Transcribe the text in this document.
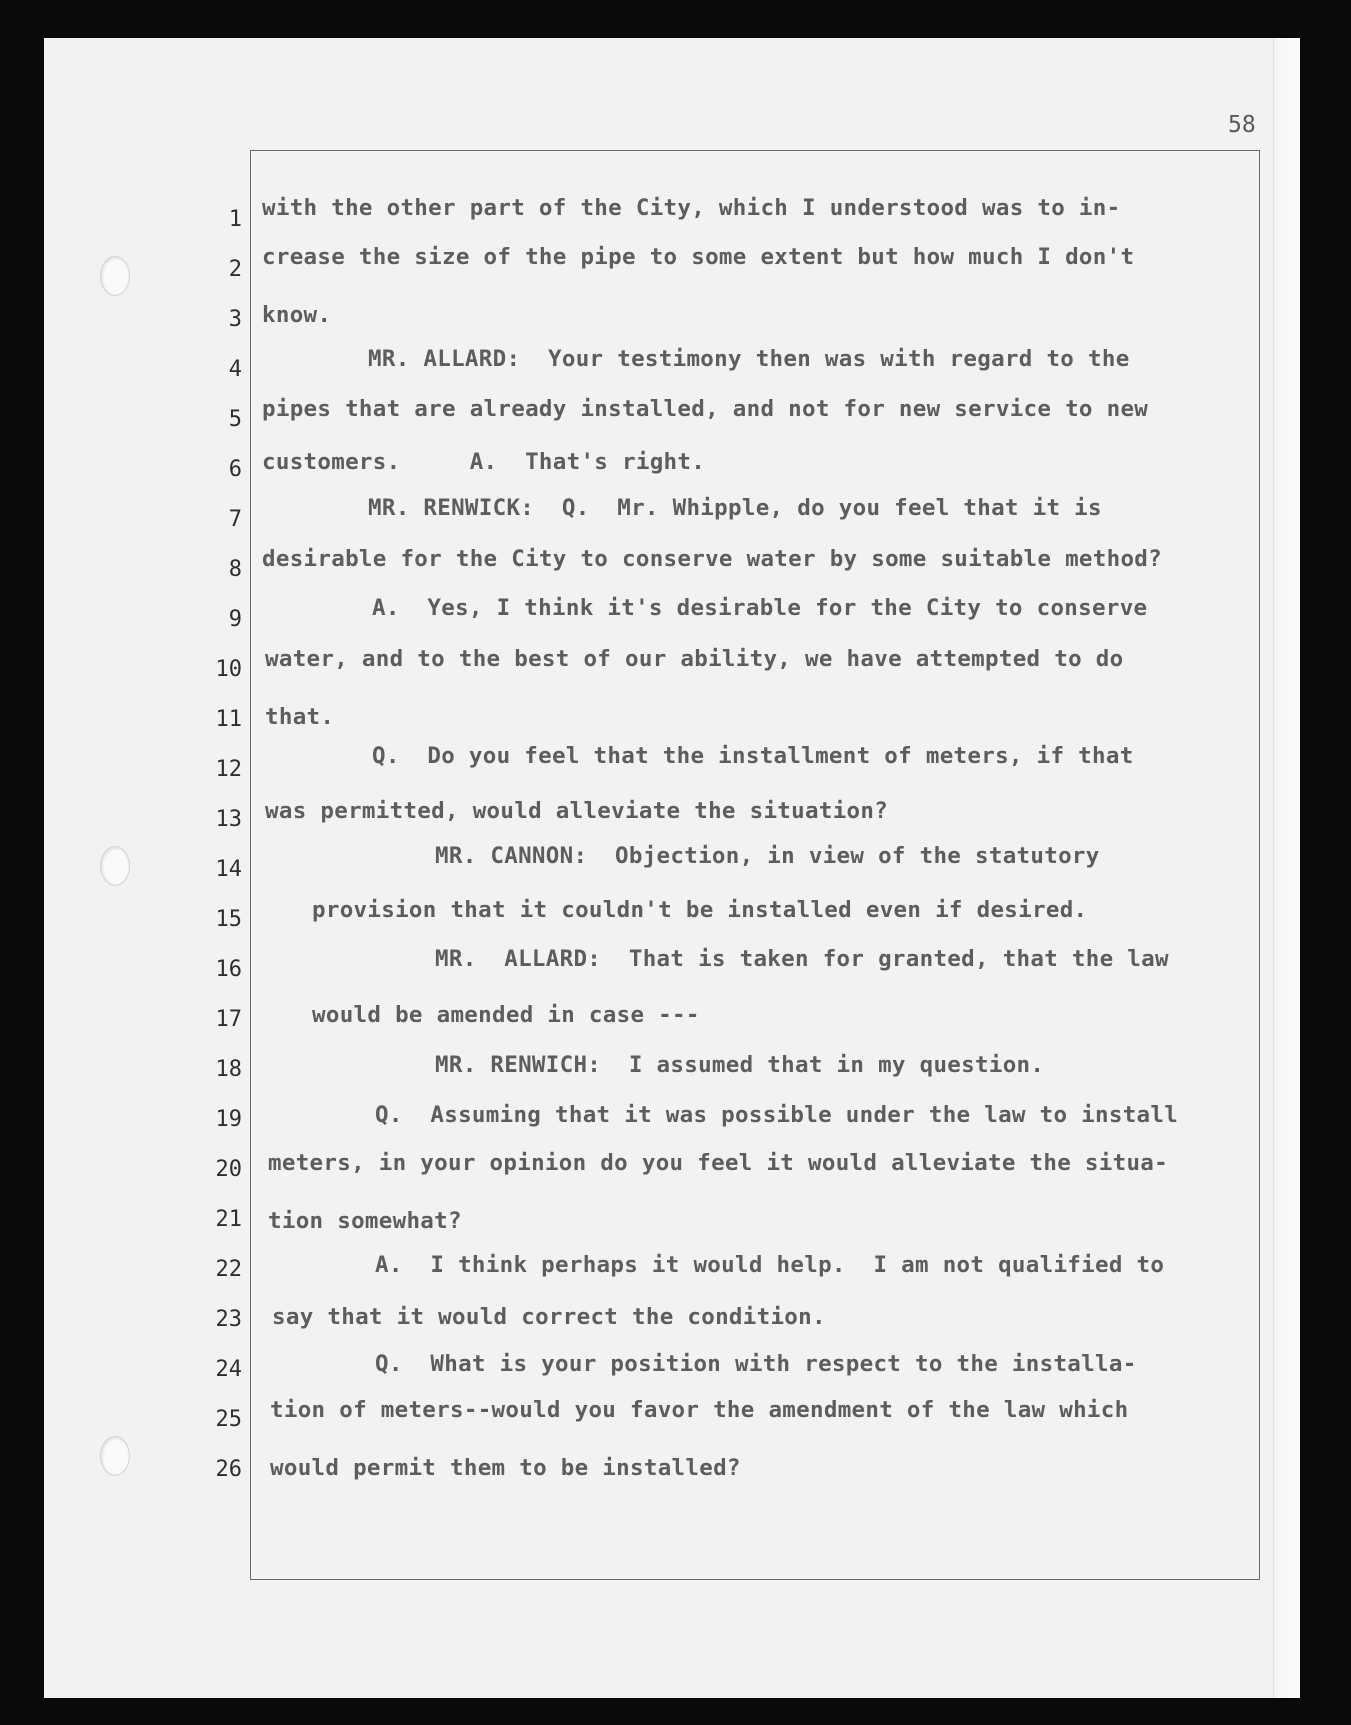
58
1
2
3
4
5
6
7
8
9
10
11
12
13
14
15
16
17
18
19
20
21
22
23
24
25
26
with the other part of the City, which I understood was to in-
crease the size of the pipe to some extent but how much I don't
know.
MR. ALLARD:  Your testimony then was with regard to the
pipes that are already installed, and not for new service to new
customers.     A.  That's right.
MR. RENWICK:  Q.  Mr. Whipple, do you feel that it is
desirable for the City to conserve water by some suitable method?
A.  Yes, I think it's desirable for the City to conserve
water, and to the best of our ability, we have attempted to do
that.
Q.  Do you feel that the installment of meters, if that
was permitted, would alleviate the situation?
MR. CANNON:  Objection, in view of the statutory
provision that it couldn't be installed even if desired.
MR.  ALLARD:  That is taken for granted, that the law
would be amended in case ---
MR. RENWICH:  I assumed that in my question.
Q.  Assuming that it was possible under the law to install
meters, in your opinion do you feel it would alleviate the situa-
tion somewhat?
A.  I think perhaps it would help.  I am not qualified to
say that it would correct the condition.
Q.  What is your position with respect to the installa-
tion of meters--would you favor the amendment of the law which
would permit them to be installed?
